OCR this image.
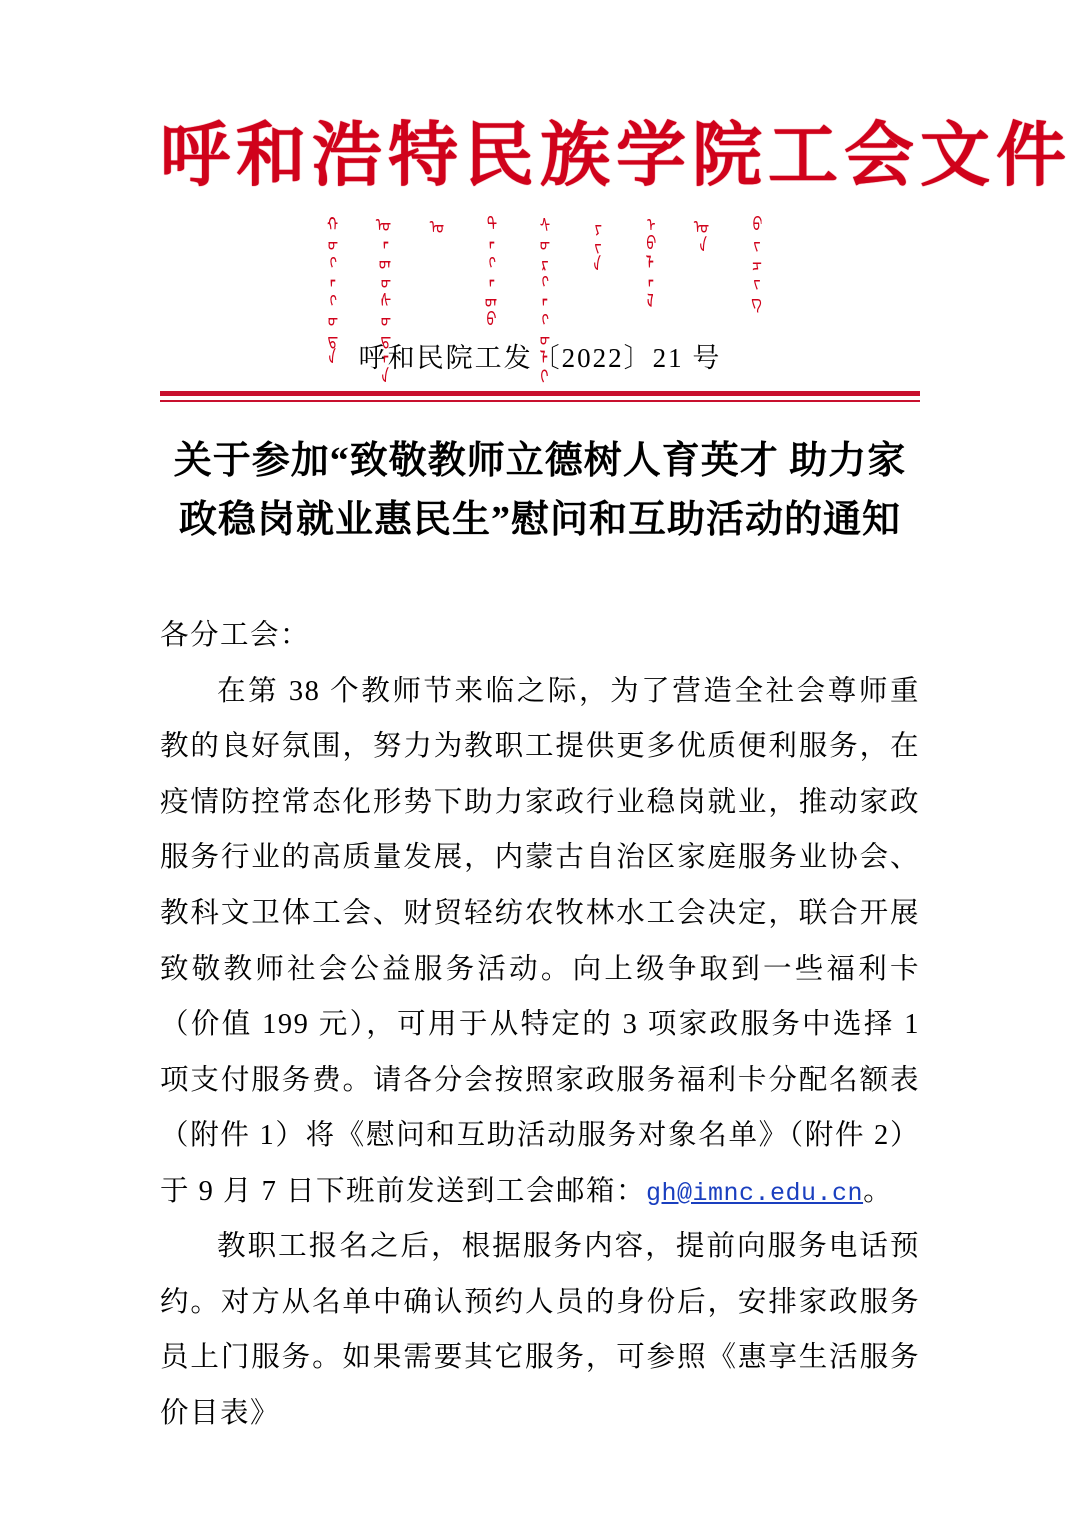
呼和浩特民族学院工会文件
ᠬᠥᠬᠡᠬᠣᠲᠠ ᠦᠨᠳᠦᠰᠦᠲᠡᠨ ᠦ ᠳᠡᠭᠡᠳᠦ ᠰᠤᠷᠭᠠᠭᠤᠯᠢ ᠶᠢᠨ ᠡᠪᠯᠡᠯ ᠦᠨ ᠪᠢᠴᠢᠭ
呼和民院工发〔2022〕21 号
关于参加“致敬教师立德树人育英才 助力家
政稳岗就业惠民生”慰问和互助活动的通知

各分工会：

在第 38 个教师节来临之际，为了营造全社会尊师重教的良好氛围，努力为教职工提供更多优质便利服务，在疫情防控常态化形势下助力家政行业稳岗就业，推动家政服务行业的高质量发展，内蒙古自治区家庭服务业协会、教科文卫体工会、财贸轻纺农牧林水工会决定，联合开展致敬教师社会公益服务活动。向上级争取到一些福利卡（价值 199 元），可用于从特定的 3 项家政服务中选择 1 项支付服务费。请各分会按照家政服务福利卡分配名额表（附件 1）将《慰问和互助活动服务对象名单》（附件 2）于 9 月 7 日下班前发送到工会邮箱：gh@imnc.edu.cn。

教职工报名之后，根据服务内容，提前向服务电话预约。对方从名单中确认预约人员的身份后，安排家政服务员上门服务。如果需要其它服务，可参照《惠享生活服务价目表》
